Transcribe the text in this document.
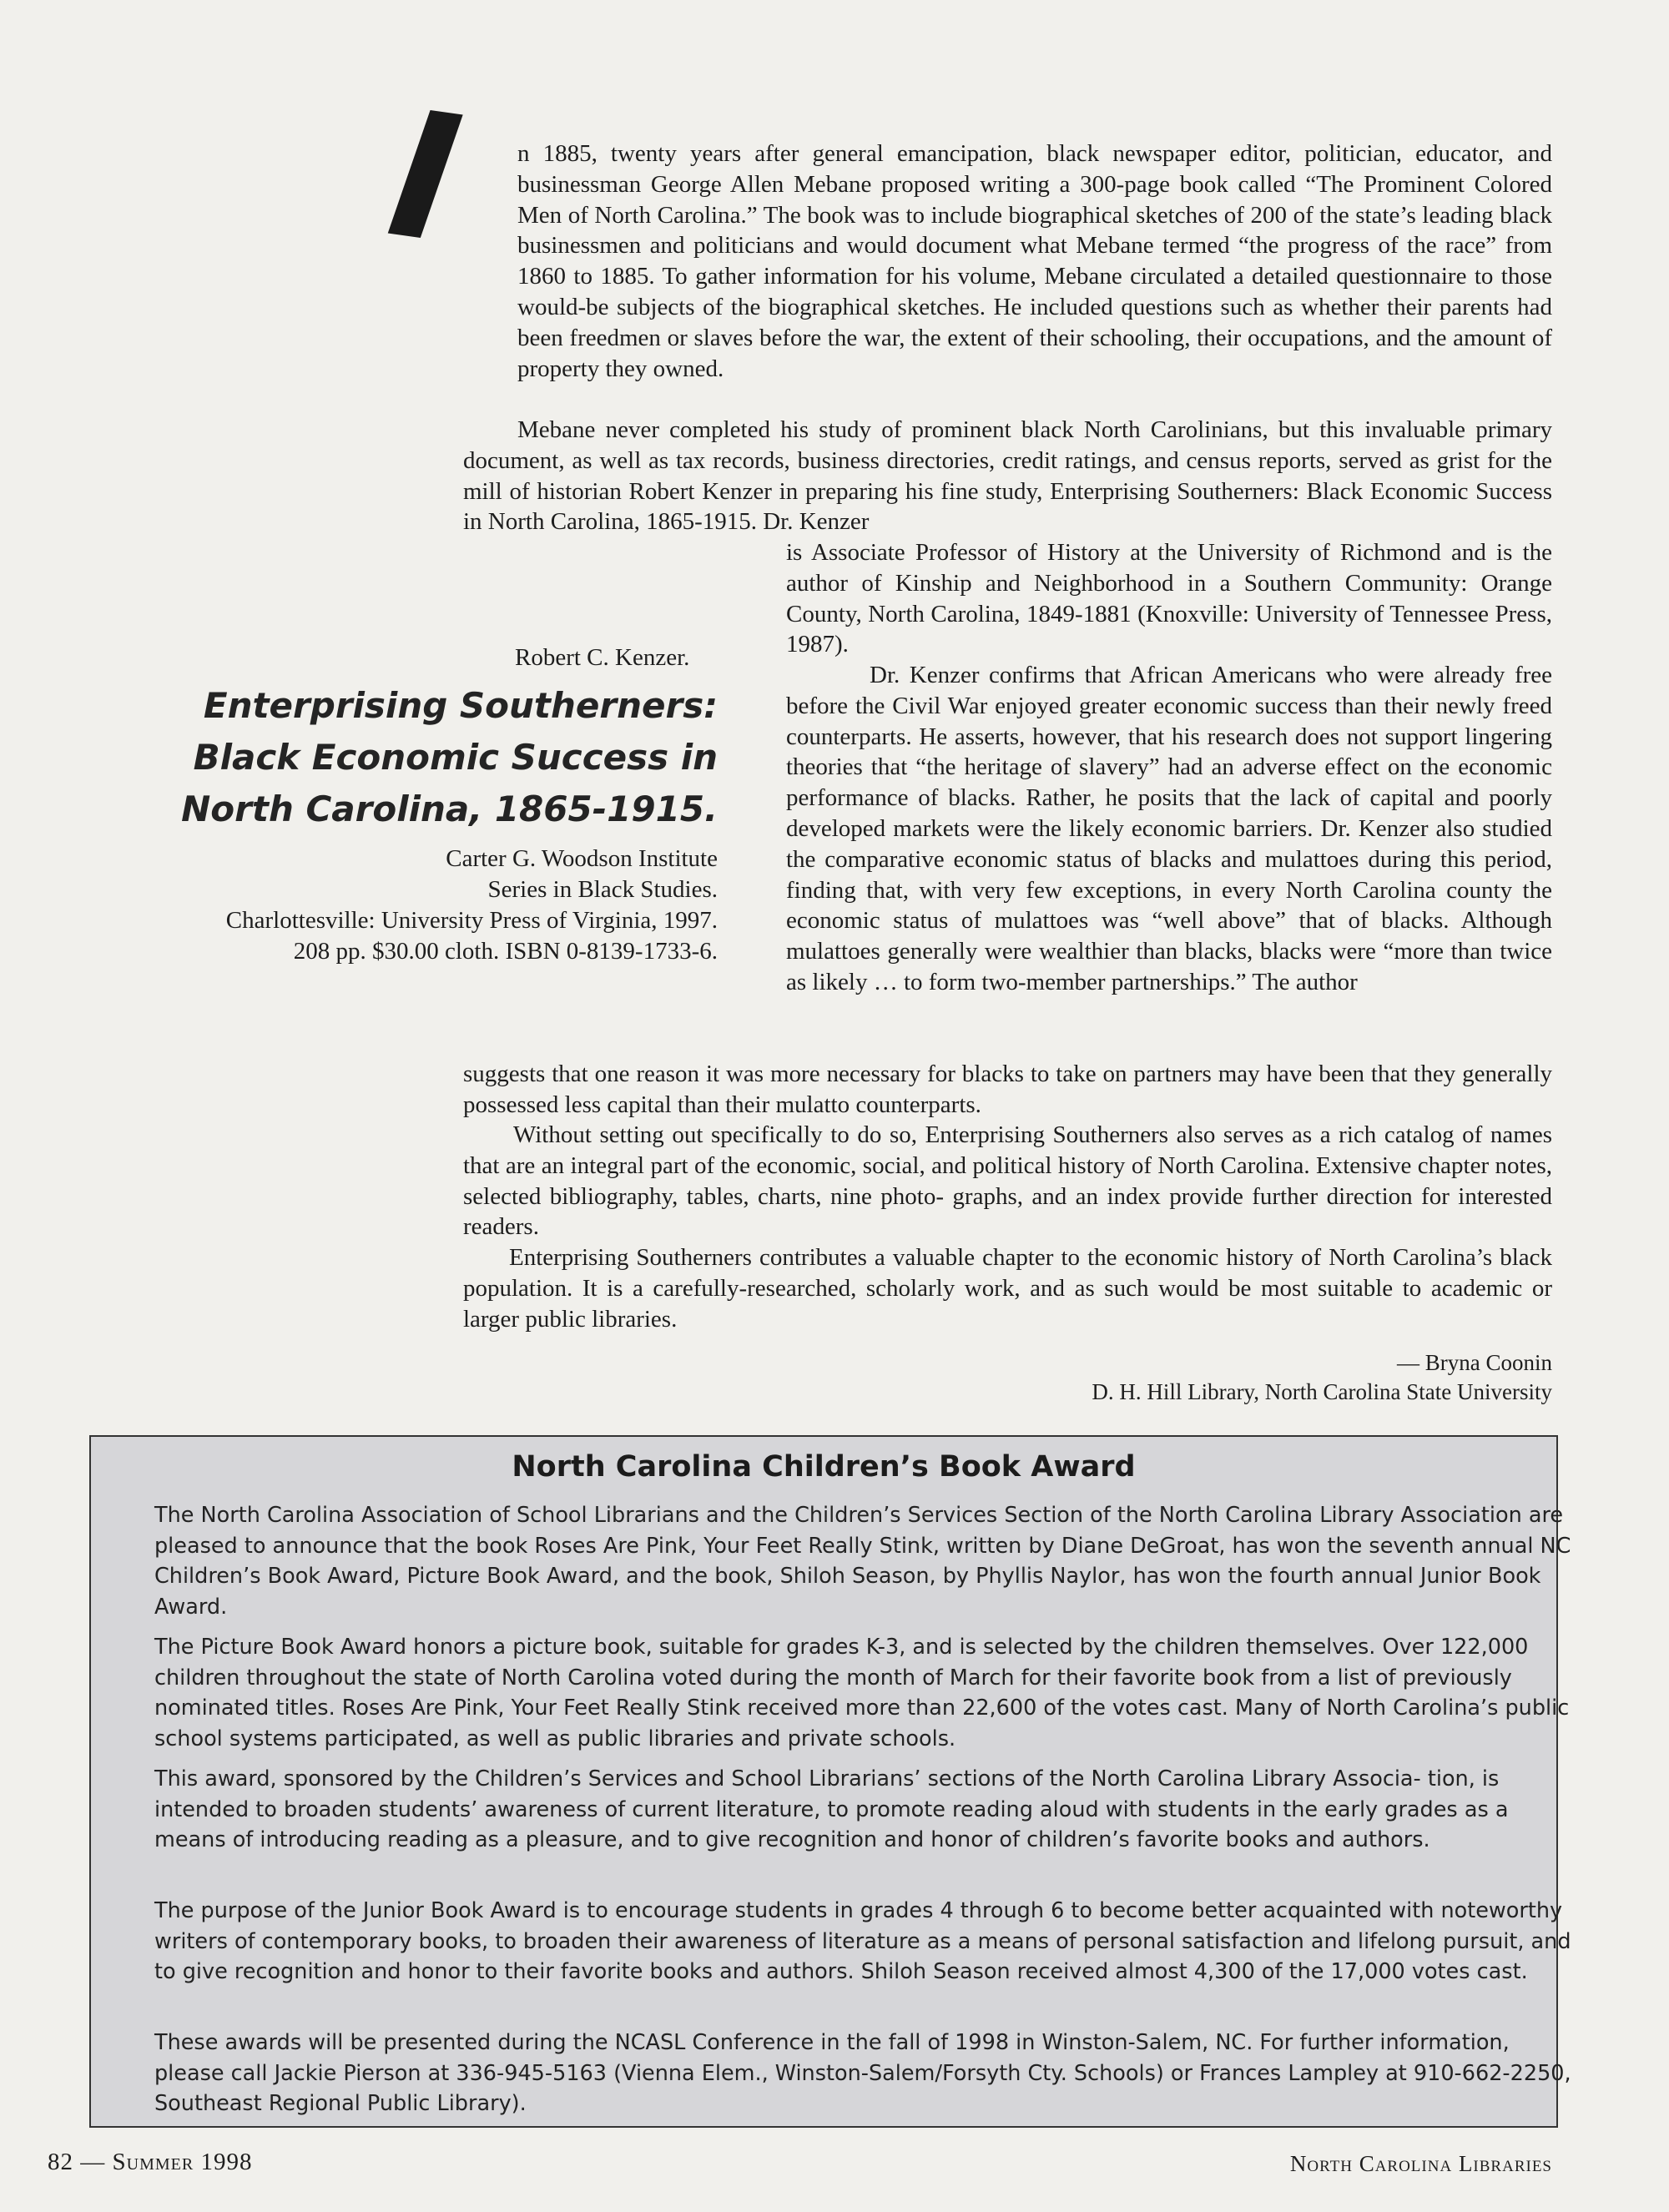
I n 1885, twenty years after general emancipation, black newspaper editor, politician, educator, and businessman George Allen Mebane proposed writing a 300-page book called “The Prominent Colored Men of North Carolina.” The book was to include biographical sketches of 200 of the state’s leading black businessmen and politicians and would document what Mebane termed “the progress of the race” from 1860 to 1885. To gather information for his volume, Mebane circulated a detailed questionnaire to those would-be subjects of the biographical sketches. He included questions such as whether their parents had been freedmen or slaves before the war, the extent of their schooling, their occupations, and the amount of property they owned.
Mebane never completed his study of prominent black North Carolinians, but this invaluable primary document, as well as tax records, business directories, credit ratings, and census reports, served as grist for the mill of historian Robert Kenzer in preparing his fine study, Enterprising Southerners: Black Economic Success in North Carolina, 1865-1915. Dr. Kenzer
is Associate Professor of History at the University of Richmond and is the author of Kinship and Neighborhood in a Southern Community: Orange County, North Carolina, 1849-1881 (Knoxville: University of Tennessee Press, 1987).
Robert C. Kenzer.
Enterprising Southerners:
Black Economic Success in
North Carolina, 1865-1915.
Carter G. Woodson Institute
Series in Black Studies.
Charlottesville: University Press of Virginia, 1997.
208 pp. $30.00 cloth. ISBN 0-8139-1733-6.
Dr. Kenzer confirms that African Americans who were already free before the Civil War enjoyed greater economic success than their newly freed counterparts. He asserts, however, that his research does not support lingering theories that “the heritage of slavery” had an adverse effect on the economic performance of blacks. Rather, he posits that the lack of capital and poorly developed markets were the likely economic barriers. Dr. Kenzer also studied the comparative economic status of blacks and mulattoes during this period, finding that, with very few exceptions, in every North Carolina county the economic status of mulattoes was “well above” that of blacks. Although mulattoes generally were wealthier than blacks, blacks were “more than twice as likely … to form two-member partnerships.” The author
suggests that one reason it was more necessary for blacks to take on partners may have been that they generally possessed less capital than their mulatto counterparts.
Without setting out specifically to do so, Enterprising Southerners also serves as a rich catalog of names that are an integral part of the economic, social, and political history of North Carolina. Extensive chapter notes, selected bibliography, tables, charts, nine photo- graphs, and an index provide further direction for interested readers.
Enterprising Southerners contributes a valuable chapter to the economic history of North Carolina’s black population. It is a carefully-researched, scholarly work, and as such would be most suitable to academic or larger public libraries.
— Bryna Coonin
D. H. Hill Library, North Carolina State University
North Carolina Children’s Book Award
The North Carolina Association of School Librarians and the Children’s Services Section of the North Carolina Library Association are pleased to announce that the book Roses Are Pink, Your Feet Really Stink, written by Diane DeGroat, has won the seventh annual NC Children’s Book Award, Picture Book Award, and the book, Shiloh Season, by Phyllis Naylor, has won the fourth annual Junior Book Award.
The Picture Book Award honors a picture book, suitable for grades K-3, and is selected by the children themselves. Over 122,000 children throughout the state of North Carolina voted during the month of March for their favorite book from a list of previously nominated titles. Roses Are Pink, Your Feet Really Stink received more than 22,600 of the votes cast. Many of North Carolina’s public school systems participated, as well as public libraries and private schools.
This award, sponsored by the Children’s Services and School Librarians’ sections of the North Carolina Library Associa- tion, is intended to broaden students’ awareness of current literature, to promote reading aloud with students in the early grades as a means of introducing reading as a pleasure, and to give recognition and honor of children’s favorite books and authors.
The purpose of the Junior Book Award is to encourage students in grades 4 through 6 to become better acquainted with noteworthy writers of contemporary books, to broaden their awareness of literature as a means of personal satisfaction and lifelong pursuit, and to give recognition and honor to their favorite books and authors. Shiloh Season received almost 4,300 of the 17,000 votes cast.
These awards will be presented during the NCASL Conference in the fall of 1998 in Winston-Salem, NC. For further information, please call Jackie Pierson at 336-945-5163 (Vienna Elem., Winston-Salem/Forsyth Cty. Schools) or Frances Lampley at 910-662-2250, Southeast Regional Public Library).
82 — Summer 1998	North Carolina Libraries
